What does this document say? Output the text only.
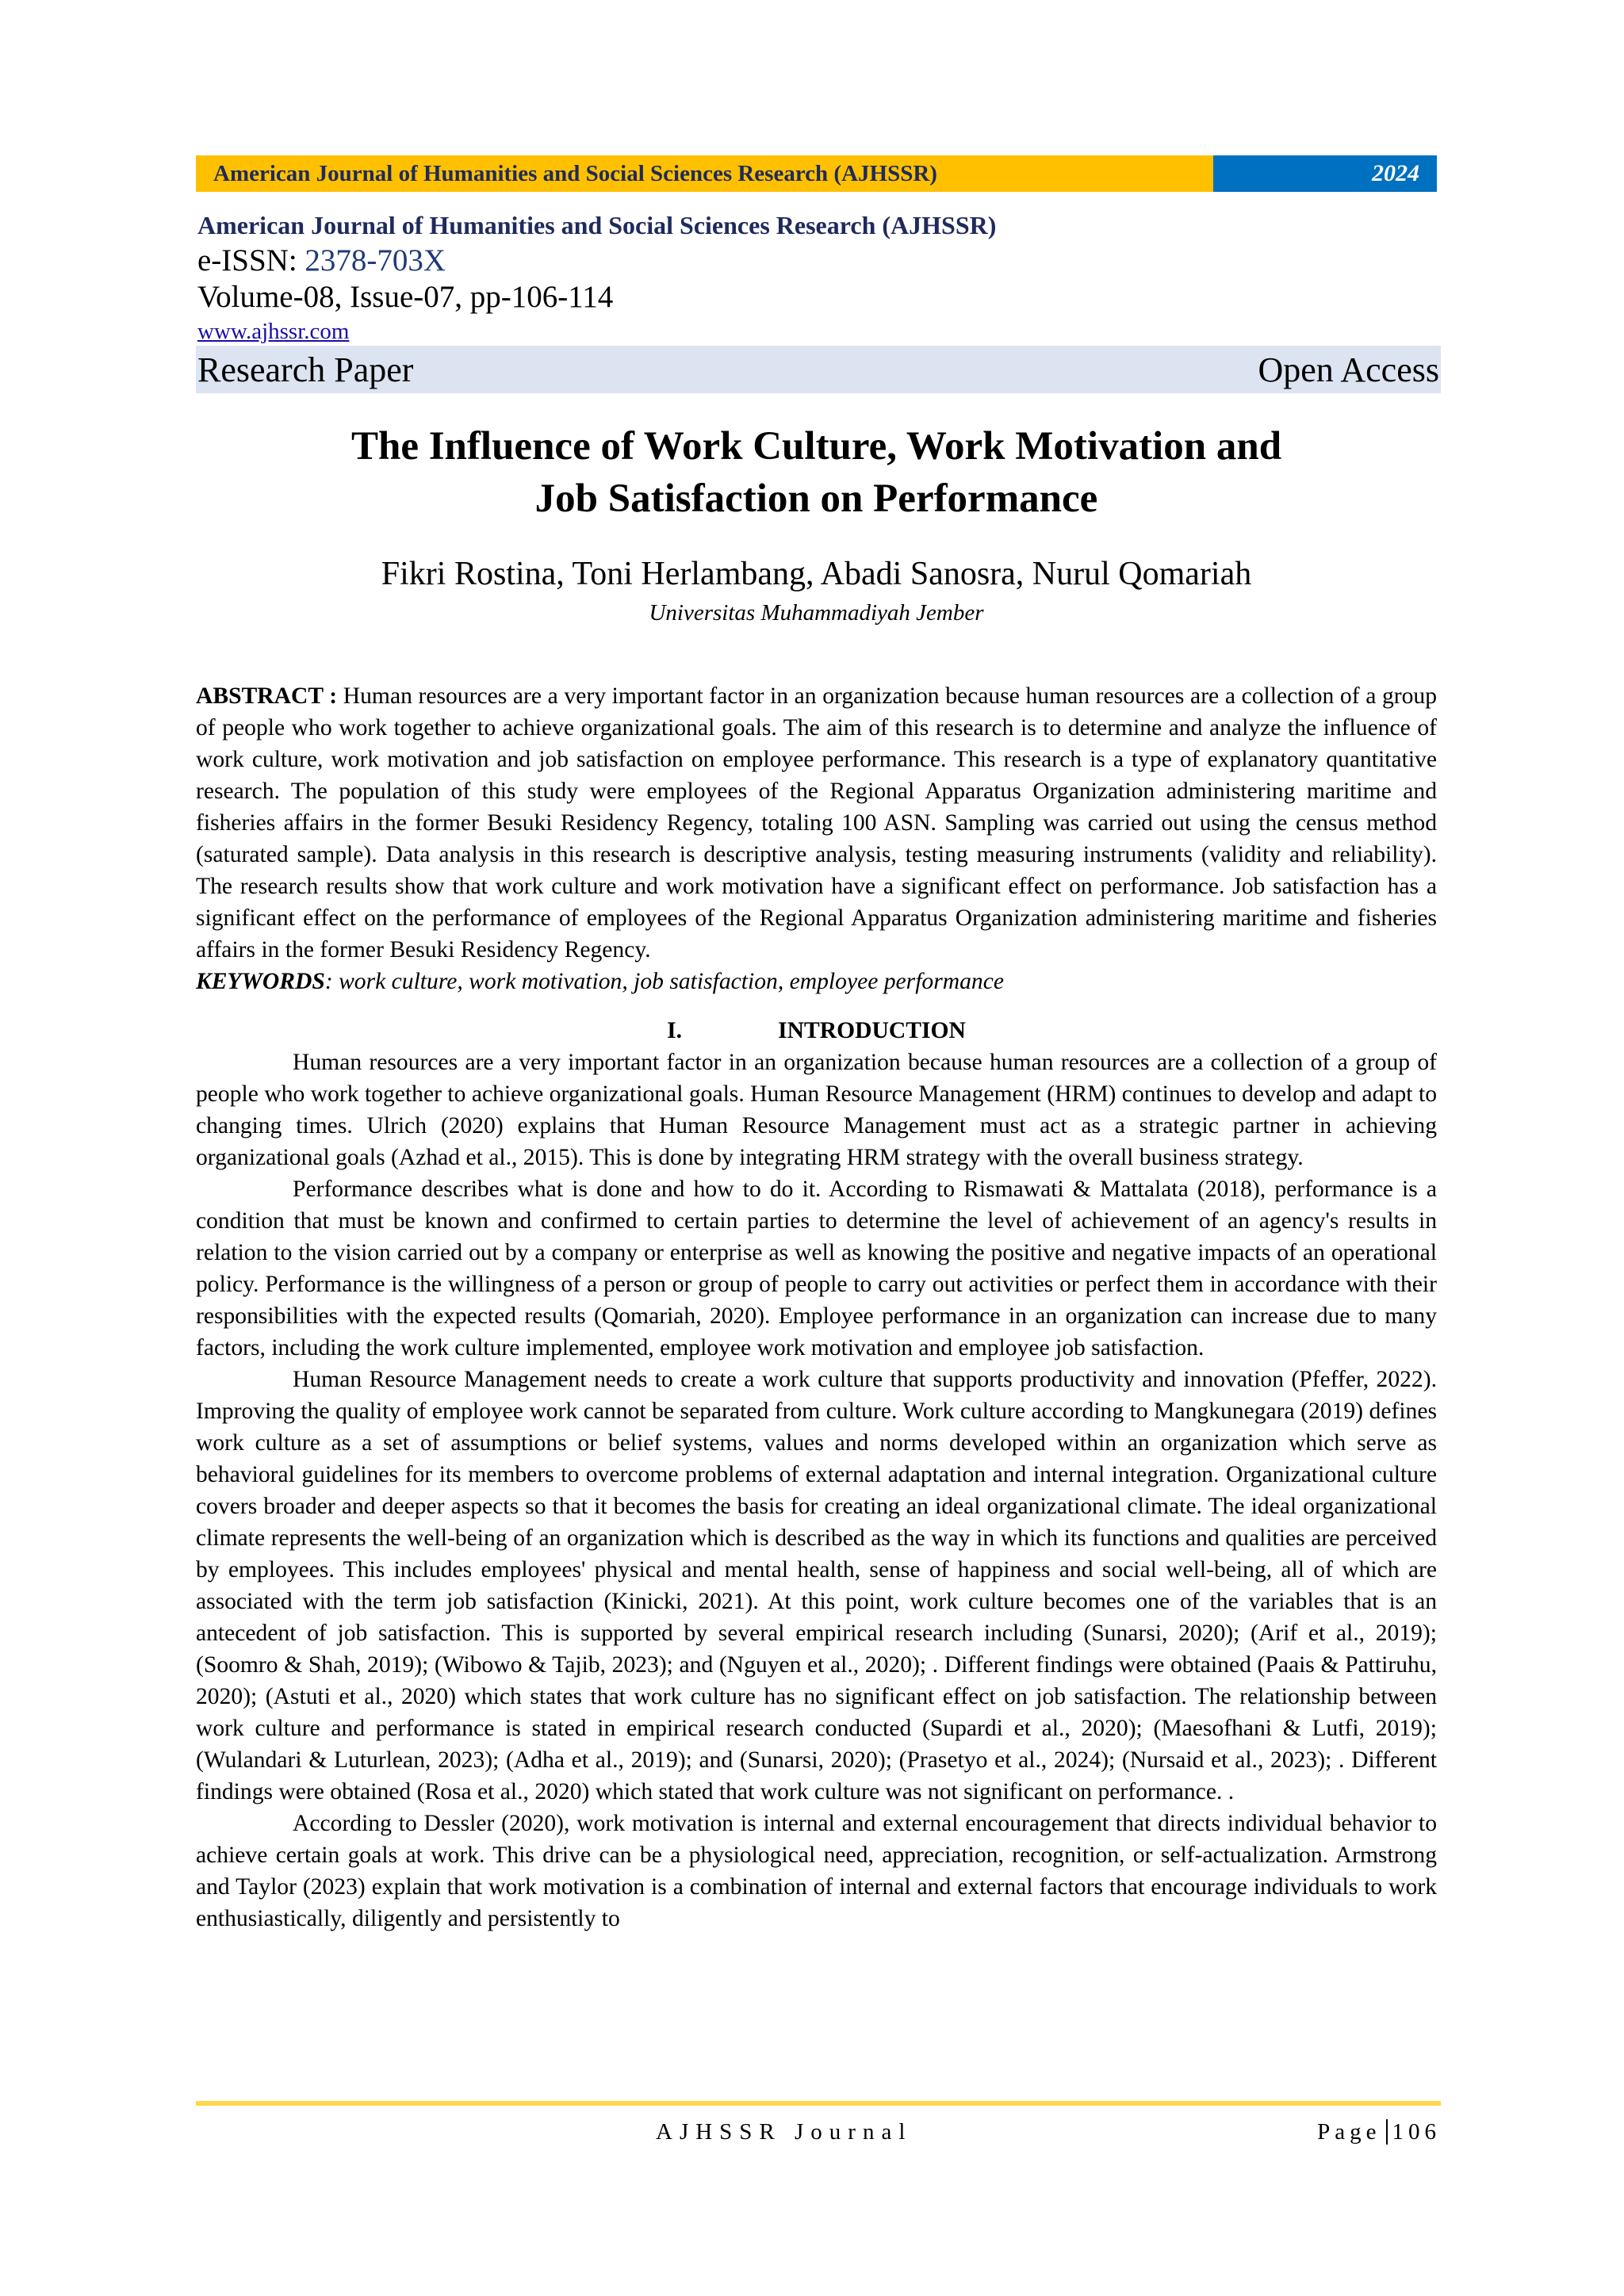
American Journal of Humanities and Social Sciences Research (AJHSSR)	2024
American Journal of Humanities and Social Sciences Research (AJHSSR)
e-ISSN: 2378-703X
Volume-08, Issue-07, pp-106-114
www.ajhssr.com
Research Paper	Open Access
The Influence of Work Culture, Work Motivation and Job Satisfaction on Performance
Fikri Rostina, Toni Herlambang, Abadi Sanosra, Nurul Qomariah
Universitas Muhammadiyah Jember

ABSTRACT : Human resources are a very important factor in an organization because human resources are a collection of a group of people who work together to achieve organizational goals. The aim of this research is to determine and analyze the influence of work culture, work motivation and job satisfaction on employee performance. This research is a type of explanatory quantitative research. The population of this study were employees of the Regional Apparatus Organization administering maritime and fisheries affairs in the former Besuki Residency Regency, totaling 100 ASN. Sampling was carried out using the census method (saturated sample). Data analysis in this research is descriptive analysis, testing measuring instruments (validity and reliability). The research results show that work culture and work motivation have a significant effect on performance. Job satisfaction has a significant effect on the performance of employees of the Regional Apparatus Organization administering maritime and fisheries affairs in the former Besuki Residency Regency.

KEYWORDS: work culture, work motivation, job satisfaction, employee performance

I.	INTRODUCTION

Human resources are a very important factor in an organization because human resources are a collection of a group of people who work together to achieve organizational goals. Human Resource Management (HRM) continues to develop and adapt to changing times. Ulrich (2020) explains that Human Resource Management must act as a strategic partner in achieving organizational goals (Azhad et al., 2015). This is done by integrating HRM strategy with the overall business strategy.

Performance describes what is done and how to do it. According to Rismawati & Mattalata (2018), performance is a condition that must be known and confirmed to certain parties to determine the level of achievement of an agency's results in relation to the vision carried out by a company or enterprise as well as knowing the positive and negative impacts of an operational policy. Performance is the willingness of a person or group of people to carry out activities or perfect them in accordance with their responsibilities with the expected results (Qomariah, 2020). Employee performance in an organization can increase due to many factors, including the work culture implemented, employee work motivation and employee job satisfaction.

Human Resource Management needs to create a work culture that supports productivity and innovation (Pfeffer, 2022). Improving the quality of employee work cannot be separated from culture. Work culture according to Mangkunegara (2019) defines work culture as a set of assumptions or belief systems, values and norms developed within an organization which serve as behavioral guidelines for its members to overcome problems of external adaptation and internal integration. Organizational culture covers broader and deeper aspects so that it becomes the basis for creating an ideal organizational climate. The ideal organizational climate represents the well-being of an organization which is described as the way in which its functions and qualities are perceived by employees. This includes employees' physical and mental health, sense of happiness and social well-being, all of which are associated with the term job satisfaction (Kinicki, 2021). At this point, work culture becomes one of the variables that is an antecedent of job satisfaction. This is supported by several empirical research including (Sunarsi, 2020); (Arif et al., 2019); (Soomro & Shah, 2019); (Wibowo & Tajib, 2023); and (Nguyen et al., 2020); . Different findings were obtained (Paais & Pattiruhu, 2020); (Astuti et al., 2020) which states that work culture has no significant effect on job satisfaction. The relationship between work culture and performance is stated in empirical research conducted (Supardi et al., 2020); (Maesofhani & Lutfi, 2019); (Wulandari & Luturlean, 2023); (Adha et al., 2019); and (Sunarsi, 2020); (Prasetyo et al., 2024); (Nursaid et al., 2023); . Different findings were obtained (Rosa et al., 2020) which stated that work culture was not significant on performance. .

According to Dessler (2020), work motivation is internal and external encouragement that directs individual behavior to achieve certain goals at work. This drive can be a physiological need, appreciation, recognition, or self-actualization. Armstrong and Taylor (2023) explain that work motivation is a combination of internal and external factors that encourage individuals to work enthusiastically, diligently and persistently to

AJHSSR Journal	Page 106
